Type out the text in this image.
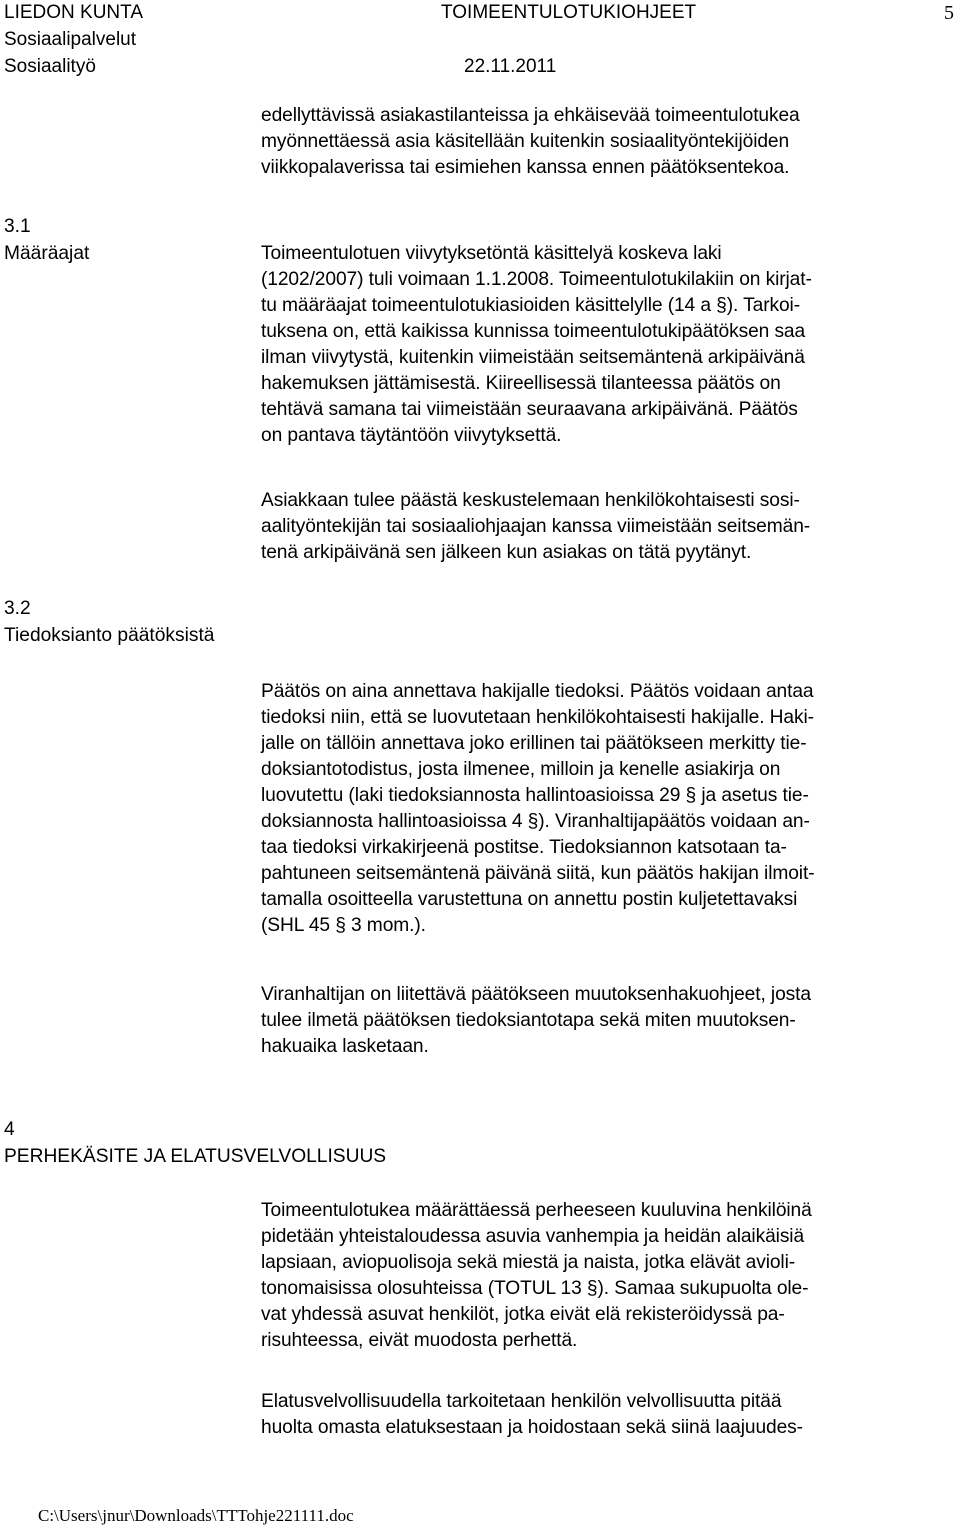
LIEDON KUNTA	TOIMEENTULOTUKIOHJEET	5
Sosiaalipalvelut
Sosiaalityö	22.11.2011

edellyttävissä asiakastilanteissa ja ehkäisevää toimeentulotukea
myönnettäessä asia käsitellään kuitenkin sosiaalityöntekijöiden
viikkopalaverissa tai esimiehen kanssa ennen päätöksentekoa.

3.1
Määräajat	Toimeentulotuen viivytyksetöntä käsittelyä koskeva laki
(1202/2007) tuli voimaan 1.1.2008. Toimeentulotukilakiin on kirjat-
tu määräajat toimeentulotukiasioiden käsittelylle (14 a §). Tarkoi-
tuksena on, että kaikissa kunnissa toimeentulotukipäätöksen saa
ilman viivytystä, kuitenkin viimeistään seitsemäntenä arkipäivänä
hakemuksen jättämisestä. Kiireellisessä tilanteessa päätös on
tehtävä samana tai viimeistään seuraavana arkipäivänä. Päätös
on pantava täytäntöön viivytyksettä.

Asiakkaan tulee päästä keskustelemaan henkilökohtaisesti sosi-
aalityöntekijän tai sosiaaliohjaajan kanssa viimeistään seitsemän-
tenä arkipäivänä sen jälkeen kun asiakas on tätä pyytänyt.

3.2
Tiedoksianto päätöksistä

Päätös on aina annettava hakijalle tiedoksi. Päätös voidaan antaa
tiedoksi niin, että se luovutetaan henkilökohtaisesti hakijalle. Haki-
jalle on tällöin annettava joko erillinen tai päätökseen merkitty tie-
doksiantotodistus, josta ilmenee, milloin ja kenelle asiakirja on
luovutettu (laki tiedoksiannosta hallintoasioissa 29 § ja asetus tie-
doksiannosta hallintoasioissa 4 §). Viranhaltijapäätös voidaan an-
taa tiedoksi virkakirjeenä postitse. Tiedoksiannon katsotaan ta-
pahtuneen seitsemäntenä päivänä siitä, kun päätös hakijan ilmoit-
tamalla osoitteella varustettuna on annettu postin kuljetettavaksi
(SHL 45 § 3 mom.).

Viranhaltijan on liitettävä päätökseen muutoksenhakuohjeet, josta
tulee ilmetä päätöksen tiedoksiantotapa sekä miten muutoksen-
hakuaika lasketaan.

4
PERHEKÄSITE JA ELATUSVELVOLLISUUS

Toimeentulotukea määrättäessä perheeseen kuuluvina henkilöinä
pidetään yhteistaloudessa asuvia vanhempia ja heidän alaikäisiä
lapsiaan, aviopuolisoja sekä miestä ja naista, jotka elävät avioli-
tonomaisissa olosuhteissa (TOTUL 13 §). Samaa sukupuolta ole-
vat yhdessä asuvat henkilöt, jotka eivät elä rekisteröidyssä pa-
risuhteessa, eivät muodosta perhettä.

Elatusvelvollisuudella tarkoitetaan henkilön velvollisuutta pitää
huolta omasta elatuksestaan ja hoidostaan sekä siinä laajuudes-

C:\Users\jnur\Downloads\TTTohje221111.doc
